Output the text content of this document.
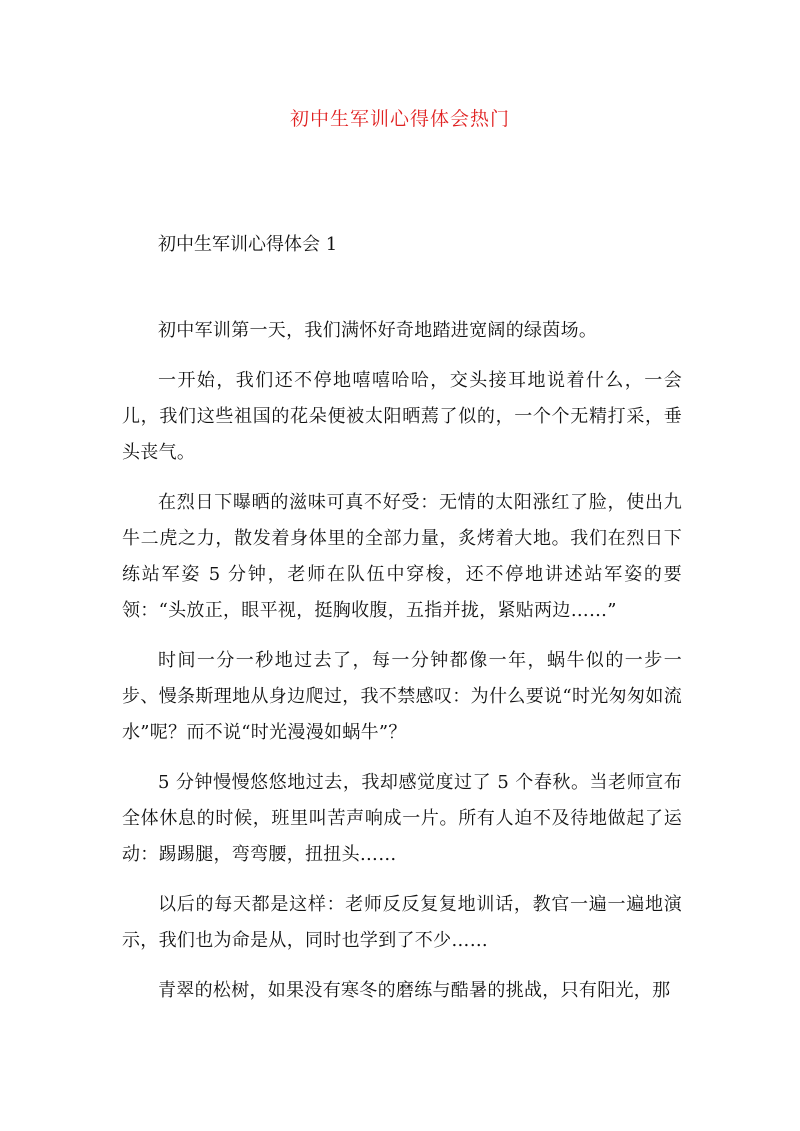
初中生军训心得体会热门
初中生军训心得体会 1

初中军训第一天，我们满怀好奇地踏进宽阔的绿茵场。

一开始，我们还不停地嘻嘻哈哈，交头接耳地说着什么，一会儿，我们这些祖国的花朵便被太阳晒蔫了似的，一个个无精打采，垂头丧气。

在烈日下曝晒的滋味可真不好受：无情的太阳涨红了脸，使出九牛二虎之力，散发着身体里的全部力量，炙烤着大地。我们在烈日下练站军姿 5 分钟，老师在队伍中穿梭，还不停地讲述站军姿的要领：“头放正，眼平视，挺胸收腹，五指并拢，紧贴两边……”

时间一分一秒地过去了，每一分钟都像一年，蜗牛似的一步一步、慢条斯理地从身边爬过，我不禁感叹：为什么要说“时光匆匆如流水”呢？而不说“时光漫漫如蜗牛”？

5 分钟慢慢悠悠地过去，我却感觉度过了 5 个春秋。当老师宣布全体休息的时候，班里叫苦声响成一片。所有人迫不及待地做起了运动：踢踢腿，弯弯腰，扭扭头……

以后的每天都是这样：老师反反复复地训话，教官一遍一遍地演示，我们也为命是从，同时也学到了不少……

青翠的松树，如果没有寒冬的磨练与酷暑的挑战，只有阳光，那
